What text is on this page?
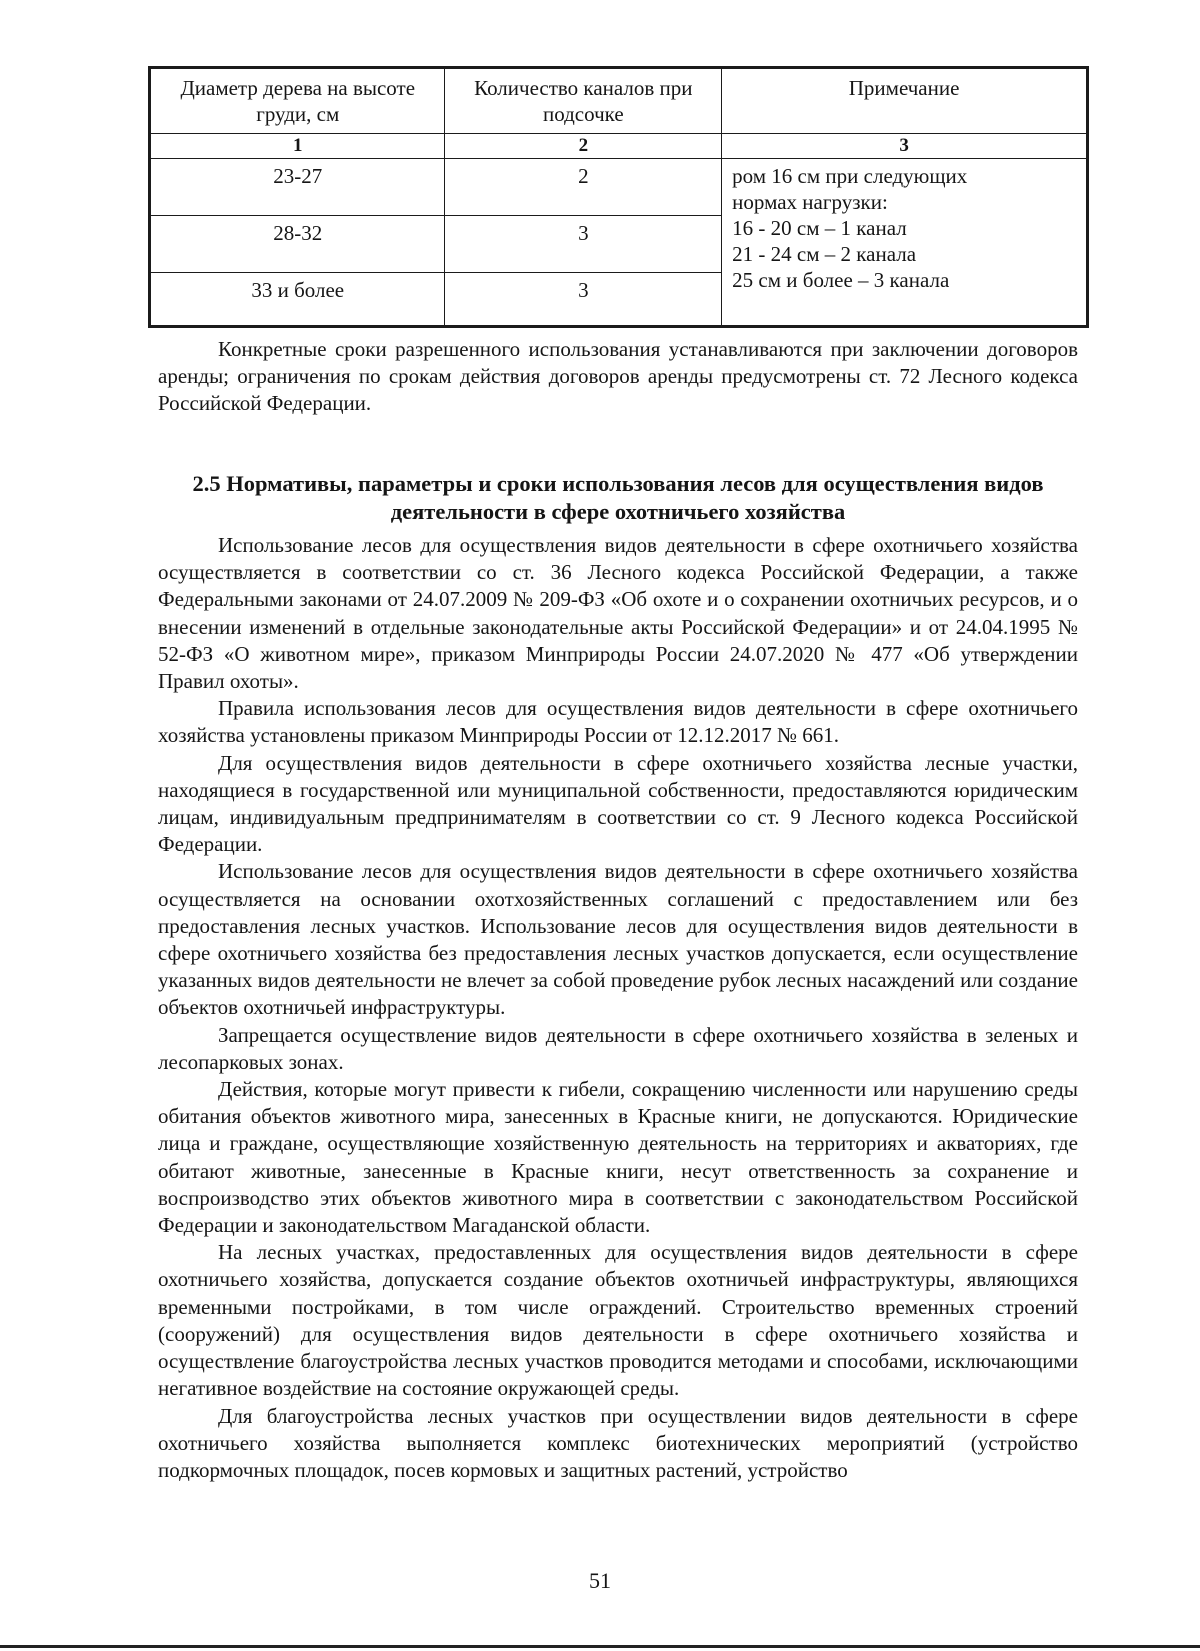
Диаметр дерева на высоте груди, см	Количество каналов при подсочке	Примечание
1	2	3
23-27	2	ром 16 см при следующих
нормах нагрузки:
16 - 20 см – 1 канал
21 - 24 см – 2 канала
25 см и более – 3 канала

28-32	3	
33 и более	3	

Конкретные сроки разрешенного использования устанавливаются при заключении договоров аренды; ограничения по срокам действия договоров аренды предусмотрены ст. 72 Лесного кодекса Российской Федерации.

2.5 Нормативы, параметры и сроки использования лесов для осуществления видов деятельности в сфере охотничьего хозяйства

Использование лесов для осуществления видов деятельности в сфере охотничьего хозяйства осуществляется в соответствии со ст. 36 Лесного кодекса Российской Федерации, а также Федеральными законами от 24.07.2009 № 209-ФЗ «Об охоте и о сохранении охотничьих ресурсов, и о внесении изменений в отдельные законодательные акты Российской Федерации» и от 24.04.1995 № 52-ФЗ «О животном мире», приказом Минприроды России 24.07.2020 № 477 «Об утверждении Правил охоты».

Правила использования лесов для осуществления видов деятельности в сфере охотничьего хозяйства установлены приказом Минприроды России от 12.12.2017 № 661.

Для осуществления видов деятельности в сфере охотничьего хозяйства лесные участки, находящиеся в государственной или муниципальной собственности, предоставляются юридическим лицам, индивидуальным предпринимателям в соответствии со ст. 9 Лесного кодекса Российской Федерации.

Использование лесов для осуществления видов деятельности в сфере охотничьего хозяйства осуществляется на основании охотхозяйственных соглашений с предоставлением или без предоставления лесных участков. Использование лесов для осуществления видов деятельности в сфере охотничьего хозяйства без предоставления лесных участков допускается, если осуществление указанных видов деятельности не влечет за собой проведение рубок лесных насаждений или создание объектов охотничьей инфраструктуры.

Запрещается осуществление видов деятельности в сфере охотничьего хозяйства в зеленых и лесопарковых зонах.

Действия, которые могут привести к гибели, сокращению численности или нарушению среды обитания объектов животного мира, занесенных в Красные книги, не допускаются. Юридические лица и граждане, осуществляющие хозяйственную деятельность на территориях и акваториях, где обитают животные, занесенные в Красные книги, несут ответственность за сохранение и воспроизводство этих объектов животного мира в соответствии с законодательством Российской Федерации и законодательством Магаданской области.

На лесных участках, предоставленных для осуществления видов деятельности в сфере охотничьего хозяйства, допускается создание объектов охотничьей инфраструктуры, являющихся временными постройками, в том числе ограждений. Строительство временных строений (сооружений) для осуществления видов деятельности в сфере охотничьего хозяйства и осуществление благоустройства лесных участков проводится методами и способами, исключающими негативное воздействие на состояние окружающей среды.

Для благоустройства лесных участков при осуществлении видов деятельности в сфере охотничьего хозяйства выполняется комплекс биотехнических мероприятий (устройство подкормочных площадок, посев кормовых и защитных растений, устройство

51
